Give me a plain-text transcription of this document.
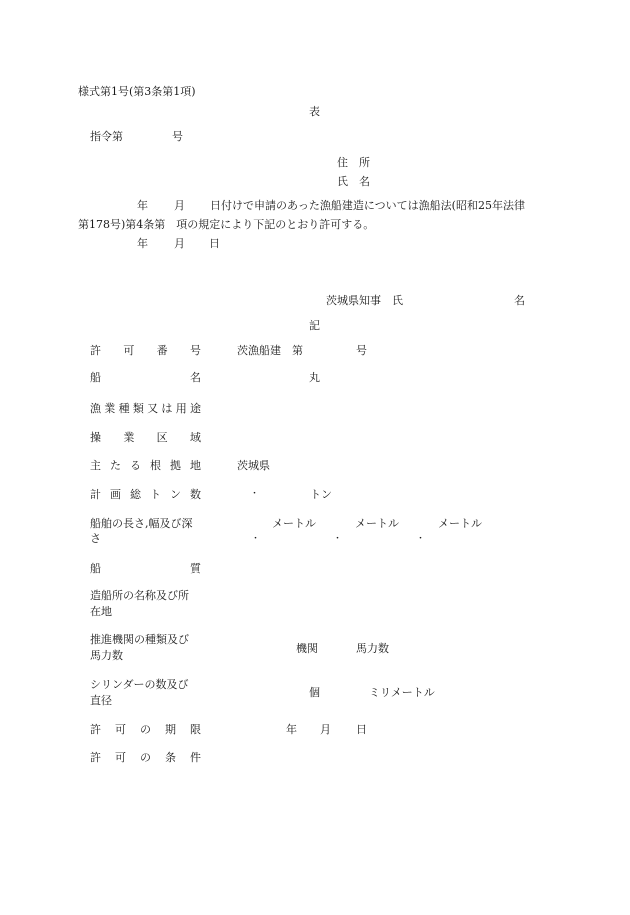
様式第1号(第3条第1項)
表
指令第	号
住　所
氏　名
年 月 日付けで申請のあった漁船建造については漁船法(昭和25年法律
第178号)第4条第　項の規定により下記のとおり許可する。
年 月 日
茨城県知事　氏	名
記
許 可 番 号	茨漁船建　第	号
船	名	丸
漁 業 種 類 又 は 用 途
操 業 区 域
主 た る 根 拠 地	茨城県
計 画 総 ト ン 数	・	トン
船舶の長さ,幅及び深
さ
メートル	メートル	メートル
・	・	・
船	質
造船所の名称及び所
在地
推進機関の種類及び
馬力数
機関	馬力数
シリンダーの数及び
直径
個	ミリメートル
許 可 の 期 限	年 月 日
許 可 の 条 件
